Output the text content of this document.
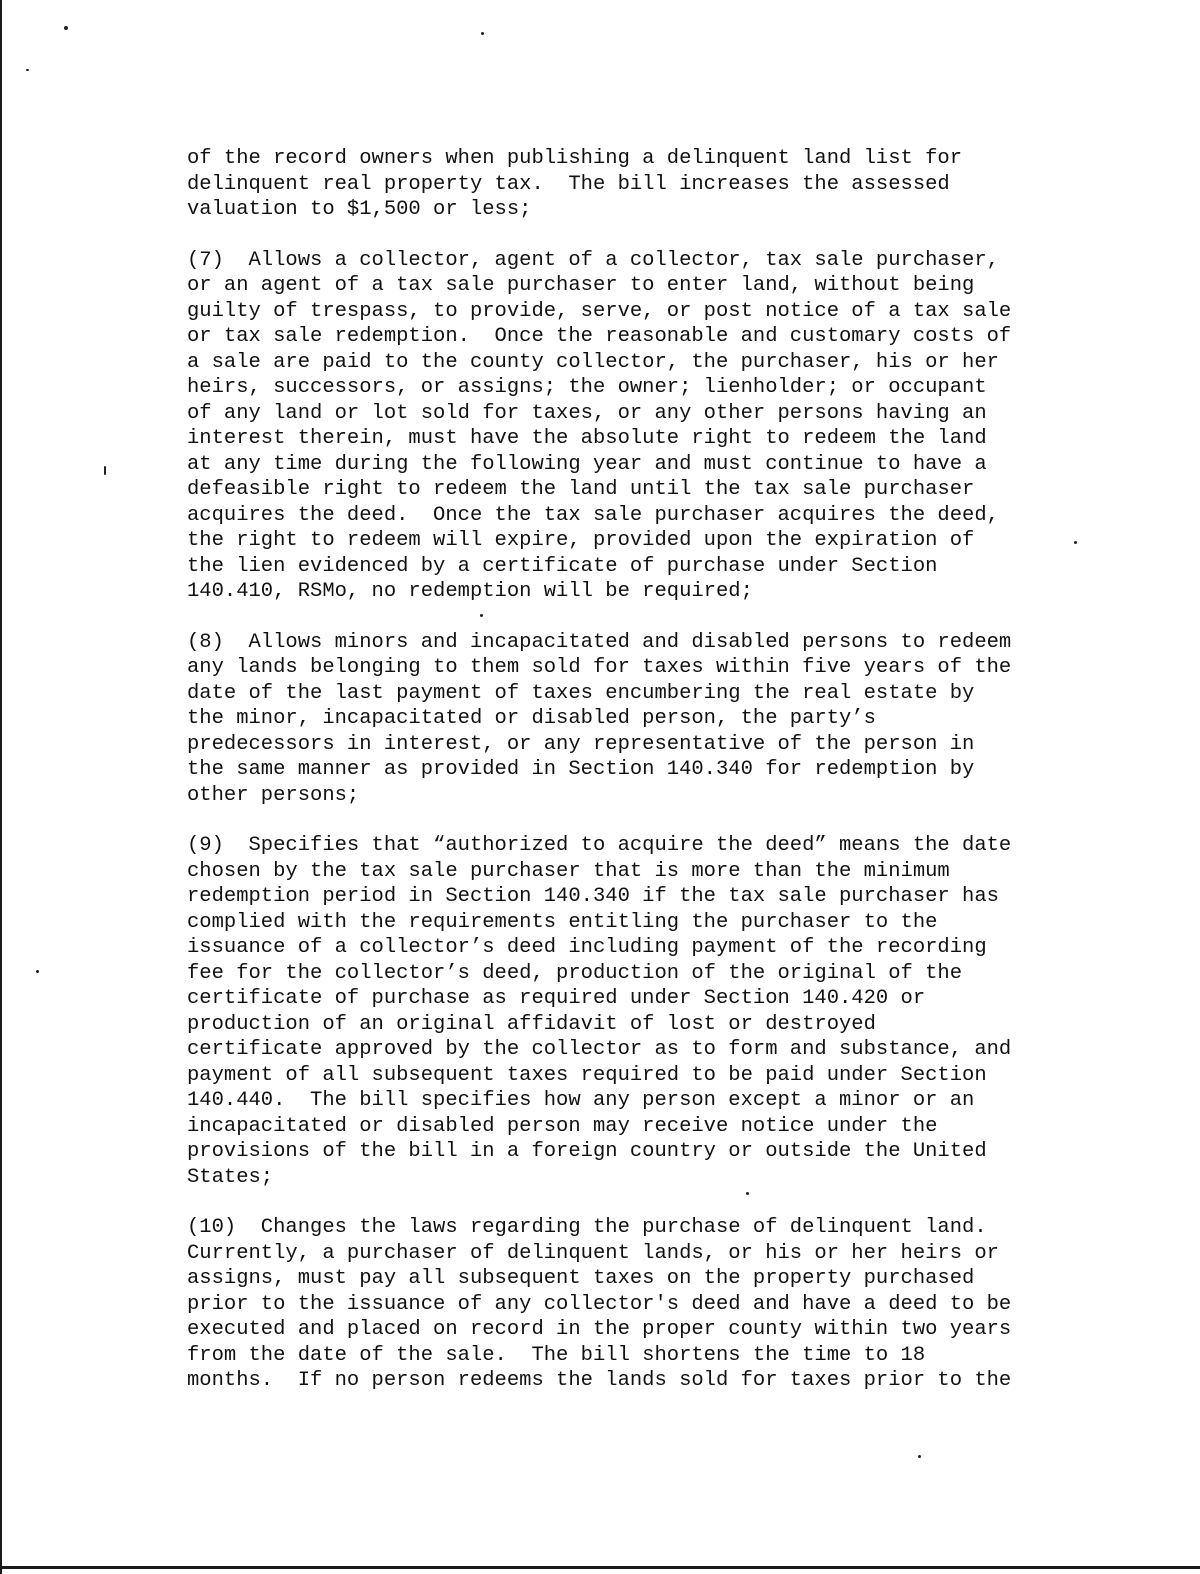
of the record owners when publishing a delinquent land list for
delinquent real property tax.  The bill increases the assessed
valuation to $1,500 or less;
(7)  Allows a collector, agent of a collector, tax sale purchaser,
or an agent of a tax sale purchaser to enter land, without being
guilty of trespass, to provide, serve, or post notice of a tax sale
or tax sale redemption.  Once the reasonable and customary costs of
a sale are paid to the county collector, the purchaser, his or her
heirs, successors, or assigns; the owner; lienholder; or occupant
of any land or lot sold for taxes, or any other persons having an
interest therein, must have the absolute right to redeem the land
at any time during the following year and must continue to have a
defeasible right to redeem the land until the tax sale purchaser
acquires the deed.  Once the tax sale purchaser acquires the deed,
the right to redeem will expire, provided upon the expiration of
the lien evidenced by a certificate of purchase under Section
140.410, RSMo, no redemption will be required;
(8)  Allows minors and incapacitated and disabled persons to redeem
any lands belonging to them sold for taxes within five years of the
date of the last payment of taxes encumbering the real estate by
the minor, incapacitated or disabled person, the party’s
predecessors in interest, or any representative of the person in
the same manner as provided in Section 140.340 for redemption by
other persons;
(9)  Specifies that “authorized to acquire the deed” means the date
chosen by the tax sale purchaser that is more than the minimum
redemption period in Section 140.340 if the tax sale purchaser has
complied with the requirements entitling the purchaser to the
issuance of a collector’s deed including payment of the recording
fee for the collector’s deed, production of the original of the
certificate of purchase as required under Section 140.420 or
production of an original affidavit of lost or destroyed
certificate approved by the collector as to form and substance, and
payment of all subsequent taxes required to be paid under Section
140.440.  The bill specifies how any person except a minor or an
incapacitated or disabled person may receive notice under the
provisions of the bill in a foreign country or outside the United
States;
(10)  Changes the laws regarding the purchase of delinquent land.
Currently, a purchaser of delinquent lands, or his or her heirs or
assigns, must pay all subsequent taxes on the property purchased
prior to the issuance of any collector's deed and have a deed to be
executed and placed on record in the proper county within two years
from the date of the sale.  The bill shortens the time to 18
months.  If no person redeems the lands sold for taxes prior to the
